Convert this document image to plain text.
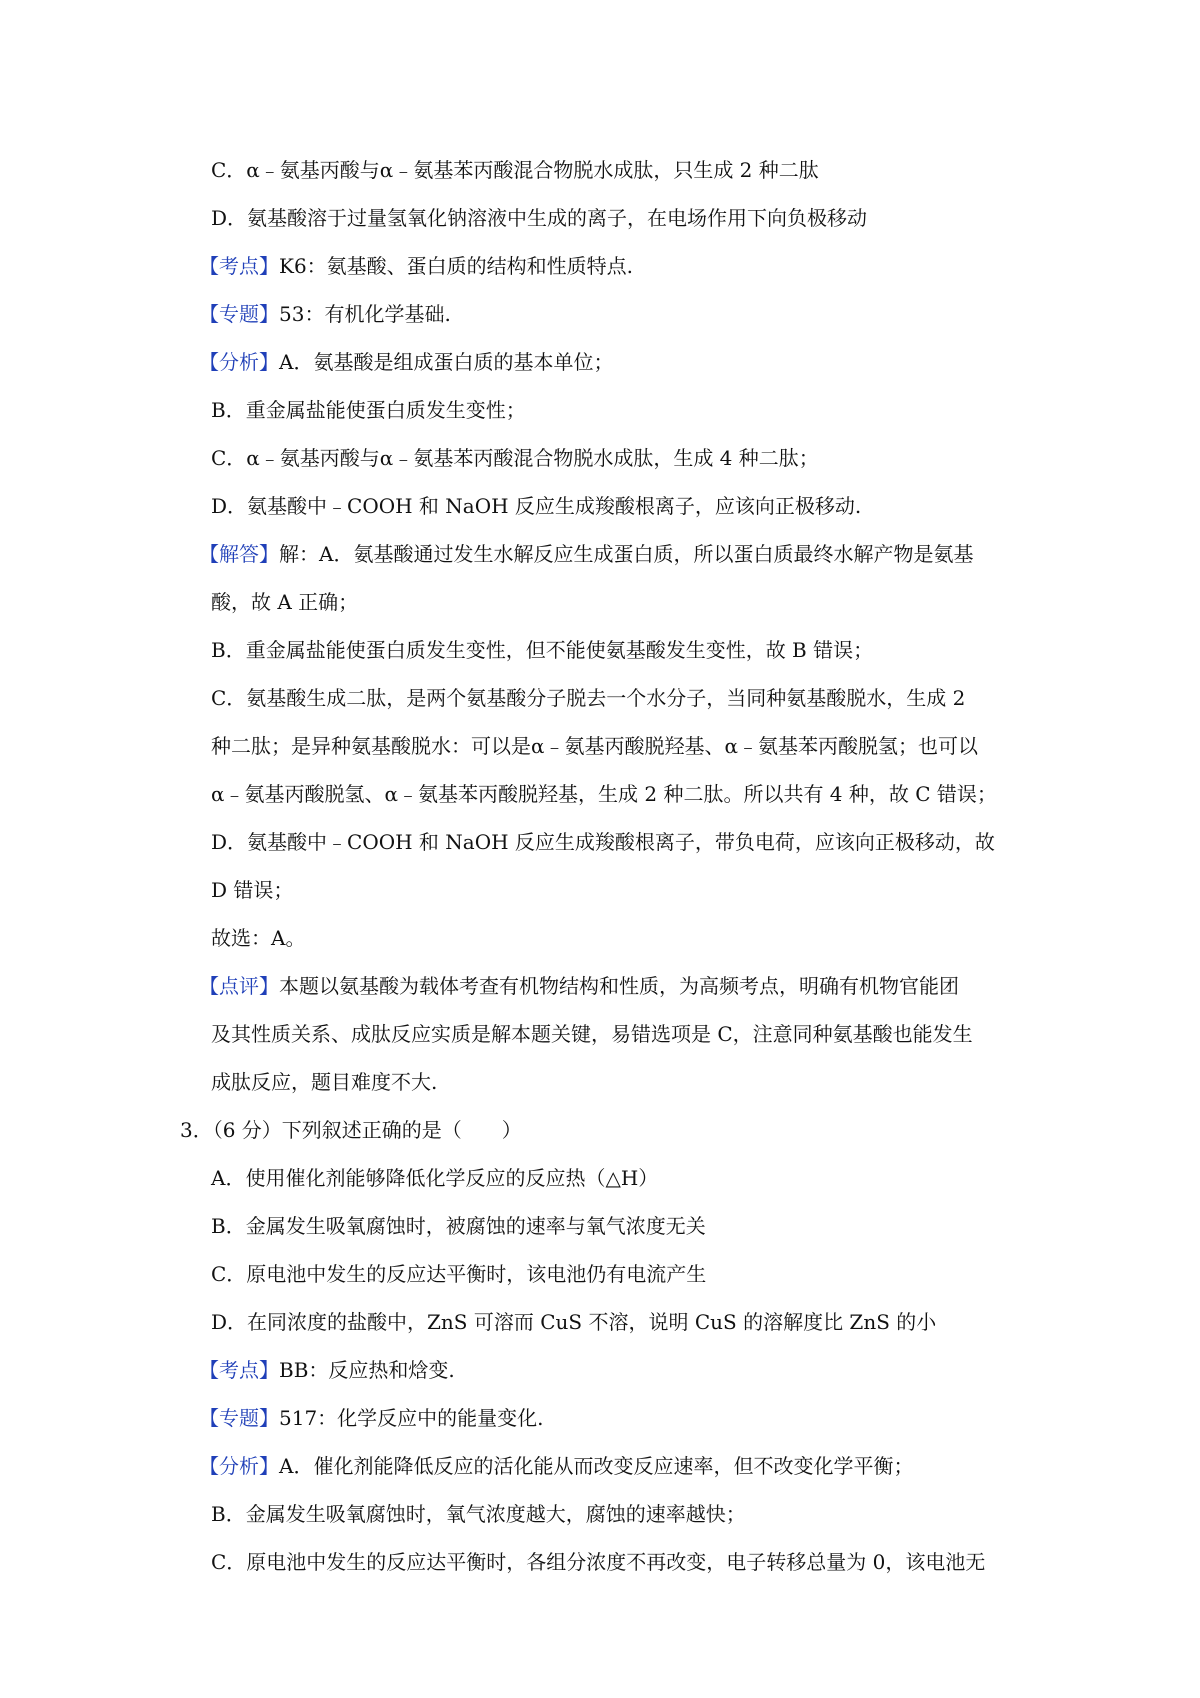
C．α﹣氨基丙酸与α﹣氨基苯丙酸混合物脱水成肽，只生成 2 种二肽
D．氨基酸溶于过量氢氧化钠溶液中生成的离子，在电场作用下向负极移动
【考点】K6：氨基酸、蛋白质的结构和性质特点.
【专题】53：有机化学基础.
【分析】A．氨基酸是组成蛋白质的基本单位；
B．重金属盐能使蛋白质发生变性；
C．α﹣氨基丙酸与α﹣氨基苯丙酸混合物脱水成肽，生成 4 种二肽；
D．氨基酸中﹣COOH 和 NaOH 反应生成羧酸根离子，应该向正极移动.
【解答】解：A．氨基酸通过发生水解反应生成蛋白质，所以蛋白质最终水解产物是氨基
酸，故 A 正确；
B．重金属盐能使蛋白质发生变性，但不能使氨基酸发生变性，故 B 错误；
C．氨基酸生成二肽，是两个氨基酸分子脱去一个水分子，当同种氨基酸脱水，生成 2
种二肽；是异种氨基酸脱水：可以是α﹣氨基丙酸脱羟基、α﹣氨基苯丙酸脱氢；也可以
α﹣氨基丙酸脱氢、α﹣氨基苯丙酸脱羟基，生成 2 种二肽。所以共有 4 种，故 C 错误；
D．氨基酸中﹣COOH 和 NaOH 反应生成羧酸根离子，带负电荷，应该向正极移动，故
D 错误；
故选：A。
【点评】本题以氨基酸为载体考查有机物结构和性质，为高频考点，明确有机物官能团
及其性质关系、成肽反应实质是解本题关键，易错选项是 C，注意同种氨基酸也能发生
成肽反应，题目难度不大.
3．（6 分）下列叙述正确的是（　　）
A．使用催化剂能够降低化学反应的反应热（△H）
B．金属发生吸氧腐蚀时，被腐蚀的速率与氧气浓度无关
C．原电池中发生的反应达平衡时，该电池仍有电流产生
D．在同浓度的盐酸中，ZnS 可溶而 CuS 不溶，说明 CuS 的溶解度比 ZnS 的小
【考点】BB：反应热和焓变.
【专题】517：化学反应中的能量变化.
【分析】A．催化剂能降低反应的活化能从而改变反应速率，但不改变化学平衡；
B．金属发生吸氧腐蚀时，氧气浓度越大，腐蚀的速率越快；
C．原电池中发生的反应达平衡时，各组分浓度不再改变，电子转移总量为 0，该电池无
